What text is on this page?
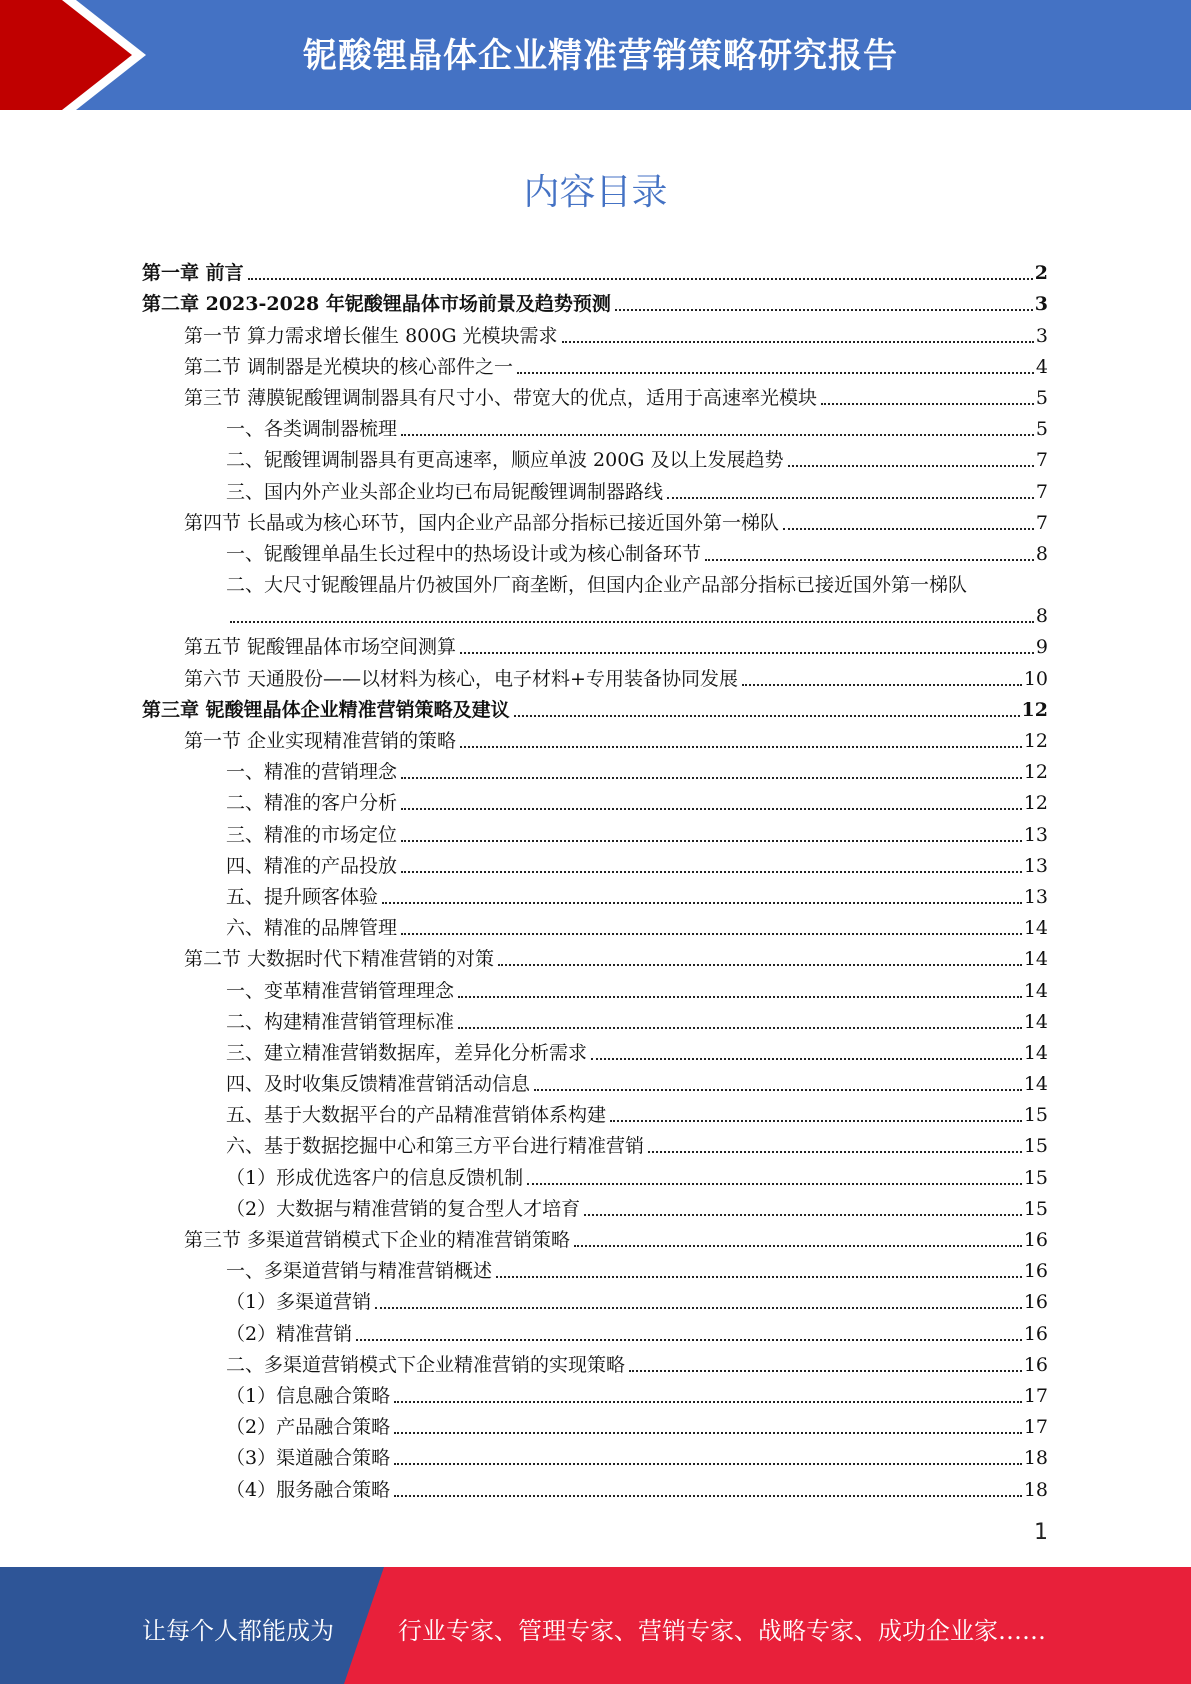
铌酸锂晶体企业精准营销策略研究报告
内容目录
第一章 前言	2
第二章 2023-2028 年铌酸锂晶体市场前景及趋势预测	3
第一节 算力需求增长催生 800G 光模块需求	3
第二节 调制器是光模块的核心部件之一	4
第三节 薄膜铌酸锂调制器具有尺寸小、带宽大的优点，适用于高速率光模块	5
一、各类调制器梳理	5
二、铌酸锂调制器具有更高速率，顺应单波 200G 及以上发展趋势	7
三、国内外产业头部企业均已布局铌酸锂调制器路线	7
第四节 长晶或为核心环节，国内企业产品部分指标已接近国外第一梯队	7
一、铌酸锂单晶生长过程中的热场设计或为核心制备环节	8
二、大尺寸铌酸锂晶片仍被国外厂商垄断，但国内企业产品部分指标已接近国外第一梯队
8
第五节 铌酸锂晶体市场空间测算	9
第六节 天通股份——以材料为核心，电子材料+专用装备协同发展	10
第三章 铌酸锂晶体企业精准营销策略及建议	12
第一节 企业实现精准营销的策略	12
一、精准的营销理念	12
二、精准的客户分析	12
三、精准的市场定位	13
四、精准的产品投放	13
五、提升顾客体验	13
六、精准的品牌管理	14
第二节 大数据时代下精准营销的对策	14
一、变革精准营销管理理念	14
二、构建精准营销管理标准	14
三、建立精准营销数据库，差异化分析需求	14
四、及时收集反馈精准营销活动信息	14
五、基于大数据平台的产品精准营销体系构建	15
六、基于数据挖掘中心和第三方平台进行精准营销	15
（1）形成优选客户的信息反馈机制	15
（2）大数据与精准营销的复合型人才培育	15
第三节 多渠道营销模式下企业的精准营销策略	16
一、多渠道营销与精准营销概述	16
（1）多渠道营销	16
（2）精准营销	16
二、多渠道营销模式下企业精准营销的实现策略	16
（1）信息融合策略	17
（2）产品融合策略	17
（3）渠道融合策略	18
（4）服务融合策略	18
1
让每个人都能成为	行业专家、管理专家、营销专家、战略专家、成功企业家……
